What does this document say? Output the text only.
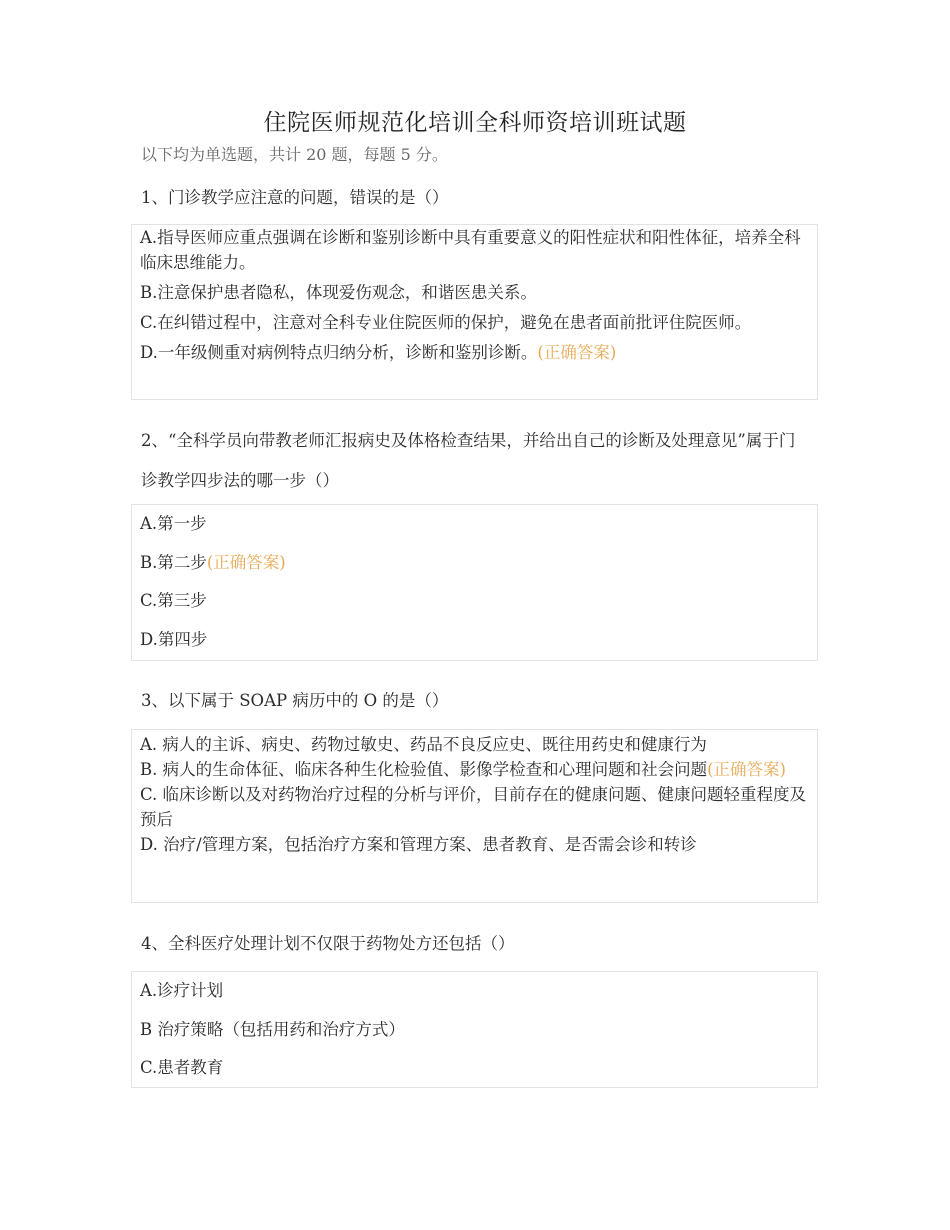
住院医师规范化培训全科师资培训班试题
以下均为单选题，共计 20 题，每题 5 分。
1、门诊教学应注意的问题，错误的是（）
A.指导医师应重点强调在诊断和鉴别诊断中具有重要意义的阳性症状和阳性体征，培养全科临床思维能力。
B.注意保护患者隐私，体现爱伤观念，和谐医患关系。
C.在纠错过程中，注意对全科专业住院医师的保护，避免在患者面前批评住院医师。
D.一年级侧重对病例特点归纳分析，诊断和鉴别诊断。(正确答案)
2、“全科学员向带教老师汇报病史及体格检查结果，并给出自己的诊断及处理意见”属于门诊教学四步法的哪一步（）
A.第一步
B.第二步(正确答案)
C.第三步
D.第四步
3、以下属于 SOAP 病历中的 O 的是（）
A. 病人的主诉、病史、药物过敏史、药品不良反应史、既往用药史和健康行为
B. 病人的生命体征、临床各种生化检验值、影像学检查和心理问题和社会问题(正确答案)
C. 临床诊断以及对药物治疗过程的分析与评价，目前存在的健康问题、健康问题轻重程度及预后
D. 治疗/管理方案，包括治疗方案和管理方案、患者教育、是否需会诊和转诊
4、全科医疗处理计划不仅限于药物处方还包括（）
A.诊疗计划
B 治疗策略（包括用药和治疗方式）
C.患者教育
